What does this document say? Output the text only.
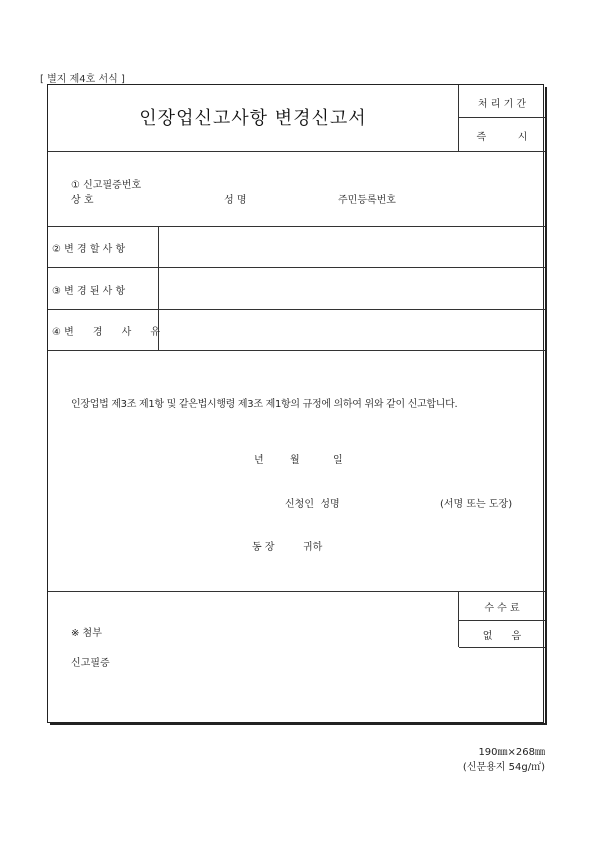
[ 별지 제4호 서식 ]
인장업신고사항 변경신고서
처 리 기 간
즉          시
① 신고필증번호
상 호	성 명	주민등록번호
② 변 경 할 사 항
③ 변 경 된 사 항
④ 변      경      사      유
인장업법 제3조 제1항 및 같은법시행령 제3조 제1항의 규정에 의하여 위와 같이 신고합니다.
년	월	일
신청인  성명	(서명 또는 도장)
동 장	귀하
수 수 료
없      음
※ 첨부
신고필증
190㎜×268㎜
(신문용지 54g/㎡)
